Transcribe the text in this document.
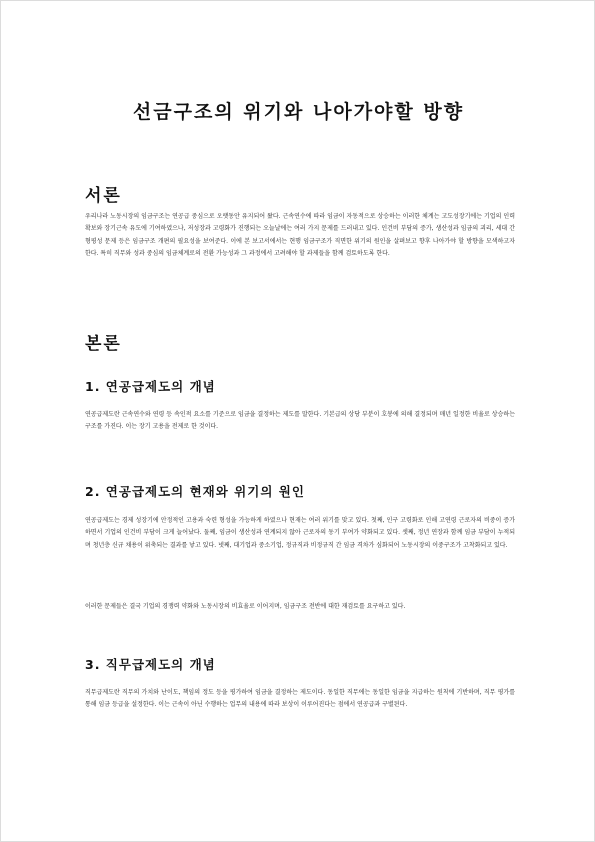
선금구조의 위기와 나아가야할 방향
서론
우리나라 노동시장의 임금구조는 연공급 중심으로 오랫동안 유지되어 왔다. 근속연수에 따라 임금이 자동적으로 상승하는 이러한 체계는 고도성장기에는 기업의 인력 확보와 장기근속 유도에 기여하였으나, 저성장과 고령화가 진행되는 오늘날에는 여러 가지 문제를 드러내고 있다. 인건비 부담의 증가, 생산성과 임금의 괴리, 세대 간 형평성 문제 등은 임금구조 개편의 필요성을 보여준다. 이에 본 보고서에서는 현행 임금구조가 직면한 위기의 원인을 살펴보고 향후 나아가야 할 방향을 모색하고자 한다. 특히 직무와 성과 중심의 임금체계로의 전환 가능성과 그 과정에서 고려해야 할 과제들을 함께 검토하도록 한다.
본론
1. 연공급제도의 개념
연공급제도란 근속연수와 연령 등 속인적 요소를 기준으로 임금을 결정하는 제도를 말한다. 기본급의 상당 부분이 호봉에 의해 결정되며 매년 일정한 비율로 상승하는 구조를 가진다. 이는 장기 고용을 전제로 한 것이다.
2. 연공급제도의 현재와 위기의 원인
연공급제도는 경제 성장기에 안정적인 고용과 숙련 형성을 가능하게 하였으나 현재는 여러 위기를 맞고 있다. 첫째, 인구 고령화로 인해 고연령 근로자의 비중이 증가하면서 기업의 인건비 부담이 크게 늘어났다. 둘째, 임금이 생산성과 연계되지 않아 근로자의 동기 부여가 약화되고 있다. 셋째, 정년 연장과 함께 임금 부담이 누적되며 청년층 신규 채용이 위축되는 결과를 낳고 있다. 넷째, 대기업과 중소기업, 정규직과 비정규직 간 임금 격차가 심화되어 노동시장의 이중구조가 고착화되고 있다.
이러한 문제들은 결국 기업의 경쟁력 약화와 노동시장의 비효율로 이어지며, 임금구조 전반에 대한 재검토를 요구하고 있다.
3. 직무급제도의 개념
직무급제도란 직무의 가치와 난이도, 책임의 정도 등을 평가하여 임금을 결정하는 제도이다. 동일한 직무에는 동일한 임금을 지급하는 원칙에 기반하며, 직무 평가를 통해 임금 등급을 설정한다. 이는 근속이 아닌 수행하는 업무의 내용에 따라 보상이 이루어진다는 점에서 연공급과 구별된다.
